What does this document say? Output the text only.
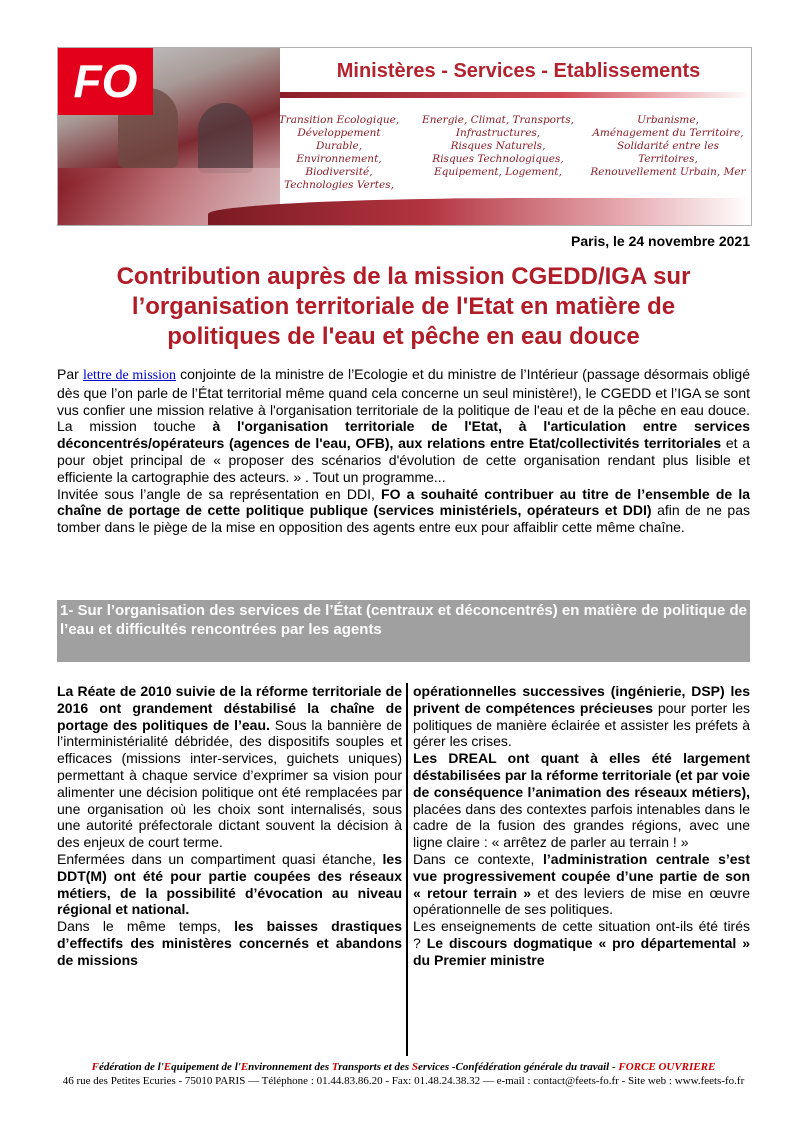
FO	Ministères - Services - Etablissements
Transition Ecologique,
Développement Durable,
Environnement,
Biodiversité,
Technologies Vertes,
Energie, Climat, Transports,
Infrastructures,
Risques Naturels,
Risques Technologiques,
Equipement, Logement,
Urbanisme,
Aménagement du Territoire,
Solidarité entre les
Territoires,
Renouvellement Urbain, Mer
Paris, le 24 novembre 2021
Contribution auprès de la mission CGEDD/IGA sur
l’organisation territoriale de l'Etat en matière de
politiques de l'eau et pêche en eau douce

Par lettre de mission conjointe de la ministre de l’Ecologie et du ministre de l’Intérieur (passage désormais obligé dès que l’on parle de l’État territorial même quand cela concerne un seul ministère!), le CGEDD et l’IGA se sont vus confier une mission relative à l'organisation territoriale de la politique de l'eau et de la pêche en eau douce. La mission touche à l'organisation territoriale de l'Etat, à l'articulation entre services déconcentrés/opérateurs (agences de l'eau, OFB), aux relations entre Etat/collectivités territoriales et a pour objet principal de « proposer des scénarios d'évolution de cette organisation rendant plus lisible et efficiente la cartographie des acteurs. » . Tout un programme...

Invitée sous l’angle de sa représentation en DDI, FO a souhaité contribuer au titre de l’ensemble de la chaîne de portage de cette politique publique (services ministériels, opérateurs et DDI) afin de ne pas tomber dans le piège de la mise en opposition des agents entre eux pour affaiblir cette même chaîne.

1- Sur l’organisation des services de l’État (centraux et déconcentrés) en matière de politique de l’eau et difficultés rencontrées par les agents

La Réate de 2010 suivie de la réforme territoriale de 2016 ont grandement déstabilisé la chaîne de portage des politiques de l’eau. Sous la bannière de l’interministérialité débridée, des dispositifs souples et efficaces (missions inter-services, guichets uniques) permettant à chaque service d’exprimer sa vision pour alimenter une décision politique ont été remplacées par une organisation où les choix sont internalisés, sous une autorité préfectorale dictant souvent la décision à des enjeux de court terme.

Enfermées dans un compartiment quasi étanche, les DDT(M) ont été pour partie coupées des réseaux métiers, de la possibilité d’évocation au niveau régional et national.

Dans le même temps, les baisses drastiques d’effectifs des ministères concernés et abandons de missions

opérationnelles successives (ingénierie, DSP) les privent de compétences précieuses pour porter les politiques de manière éclairée et assister les préfets à gérer les crises.

Les DREAL ont quant à elles été largement déstabilisées par la réforme territoriale (et par voie de conséquence l’animation des réseaux métiers), placées dans des contextes parfois intenables dans le cadre de la fusion des grandes régions, avec une ligne claire : « arrêtez de parler au terrain ! »

Dans ce contexte, l’administration centrale s’est vue progressivement coupée d’une partie de son « retour terrain » et des leviers de mise en œuvre opérationnelle de ses politiques.

Les enseignements de cette situation ont-ils été tirés ? Le discours dogmatique « pro départemental » du Premier ministre

Fédération de l'Equipement de l'Environnement des Transports et des Services -Confédération générale du travail - FORCE OUVRIERE
46 rue des Petites Ecuries - 75010 PARIS — Téléphone : 01.44.83.86.20 - Fax: 01.48.24.38.32 — e-mail : contact@feets-fo.fr - Site web : www.feets-fo.fr
